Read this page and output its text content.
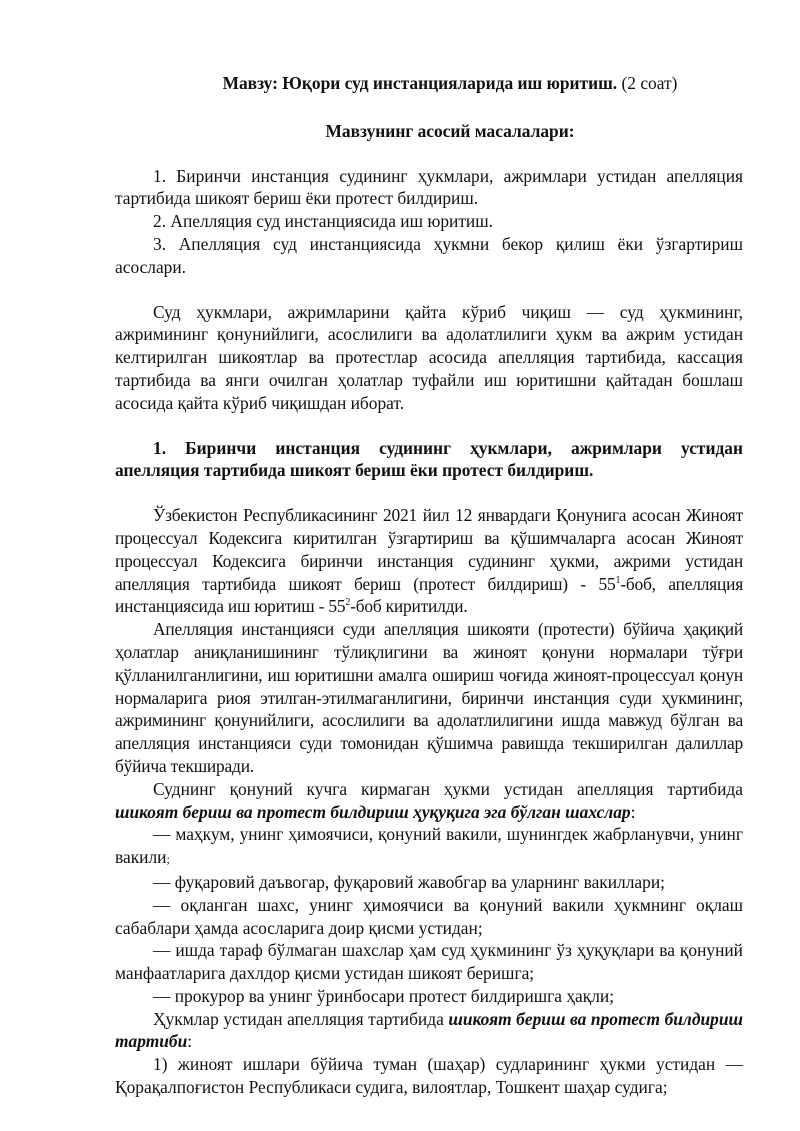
Мавзу: Юқори суд инстанцияларида иш юритиш. (2 соат)

Мавзунинг асосий масалалари:

1. Биринчи инстанция судининг ҳукмлари, ажримлари устидан апелляция тартибида шикоят бериш ёки протест билдириш.

2. Апелляция суд инстанциясида иш юритиш.

3. Апелляция суд инстанциясида ҳукмни бекор қилиш ёки ўзгартириш асослари.

Суд ҳукмлари, ажримларини қайта кўриб чиқиш — суд ҳукмининг, ажримининг қонунийлиги, асослилиги ва адолатлилиги ҳукм ва ажрим устидан келтирилган шикоятлар ва протестлар асосида апелляция тартибида, кассация тартибида ва янги очилган ҳолатлар туфайли иш юритишни қайтадан бошлаш асосида қайта кўриб чиқишдан иборат.

1. Биринчи инстанция судининг ҳукмлари, ажримлари устидан апелляция тартибида шикоят бериш ёки протест билдириш.

Ўзбекистон Республикасининг 2021 йил 12 январдаги Қонунига асосан Жиноят процессуал Кодексига киритилган ўзгартириш ва қўшимчаларга асосан Жиноят процессуал Кодексига биринчи инстанция судининг ҳукми, ажрими устидан апелляция тартибида шикоят бериш (протест билдириш) - $55^1$-боб, апелляция инстанциясида иш юритиш - $55^2$-боб киритилди.

Апелляция инстанцияси суди апелляция шикояти (протести) бўйича ҳақиқий ҳолатлар аниқланишининг тўлиқлигини ва жиноят қонуни нормалари тўғри қўлланилганлигини, иш юритишни амалга ошириш чоғида жиноят-процессуал қонун нормаларига риоя этилган-этилмаганлигини, биринчи инстанция суди ҳукмининг, ажримининг қонунийлиги, асослилиги ва адолатлилигини ишда мавжуд бўлган ва апелляция инстанцияси суди томонидан қўшимча равишда текширилган далиллар бўйича текширади.

Суднинг қонуний кучга кирмаган ҳукми устидан апелляция тартибида шикоят бериш ва протест билдириш ҳуқуқига эга бўлган шахслар:

— маҳкум, унинг ҳимоячиси, қонуний вакили, шунингдек жабрланувчи, унинг вакили;

— фуқаровий даъвогар, фуқаровий жавобгар ва уларнинг вакиллари;

— оқланган шахс, унинг ҳимоячиси ва қонуний вакили ҳукмнинг оқлаш сабаблари ҳамда асосларига доир қисми устидан;

— ишда тараф бўлмаган шахслар ҳам суд ҳукмининг ўз ҳуқуқлари ва қонуний манфаатларига дахлдор қисми устидан шикоят беришга;

— прокурор ва унинг ўринбосари протест билдиришга ҳақли;

Ҳукмлар устидан апелляция тартибида шикоят бериш ва протест билдириш тартиби:

1) жиноят ишлари бўйича туман (шаҳар) судларининг ҳукми устидан — Қорақалпоғистон Республикаси судига, вилоятлар, Тошкент шаҳар судига;
